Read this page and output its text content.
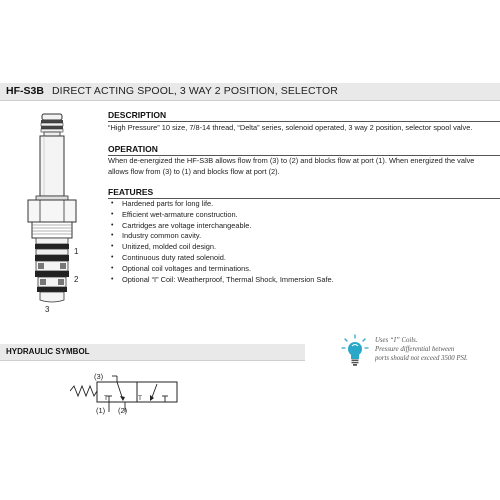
HF-S3B DIRECT ACTING SPOOL, 3 WAY 2 POSITION, SELECTOR
1
2
3
DESCRIPTION
“High Pressure” 10 size, 7/8-14 thread, “Delta” series, solenoid operated, 3 way 2 position, selector spool valve.
OPERATION
When de-energized the HF-S3B allows flow from (3) to (2) and blocks flow at port (1). When energized the valve
allows flow from (3) to (1) and blocks flow at port (2).
FEATURES
• Hardened parts for long life.
• Efficient wet-armature construction.
• Cartridges are voltage interchangeable.
• Industry common cavity.
• Unitized, molded coil design.
• Continuous duty rated solenoid.
• Optional coil voltages and terminations.
• Optional “I” Coil: Weatherproof, Thermal Shock, Immersion Safe.
HYDRAULIC SYMBOL
Uses “I” Coils.
Pressure differential between
ports should not exceed 3500 PSI.
(3)
(1) (2)
T	T
